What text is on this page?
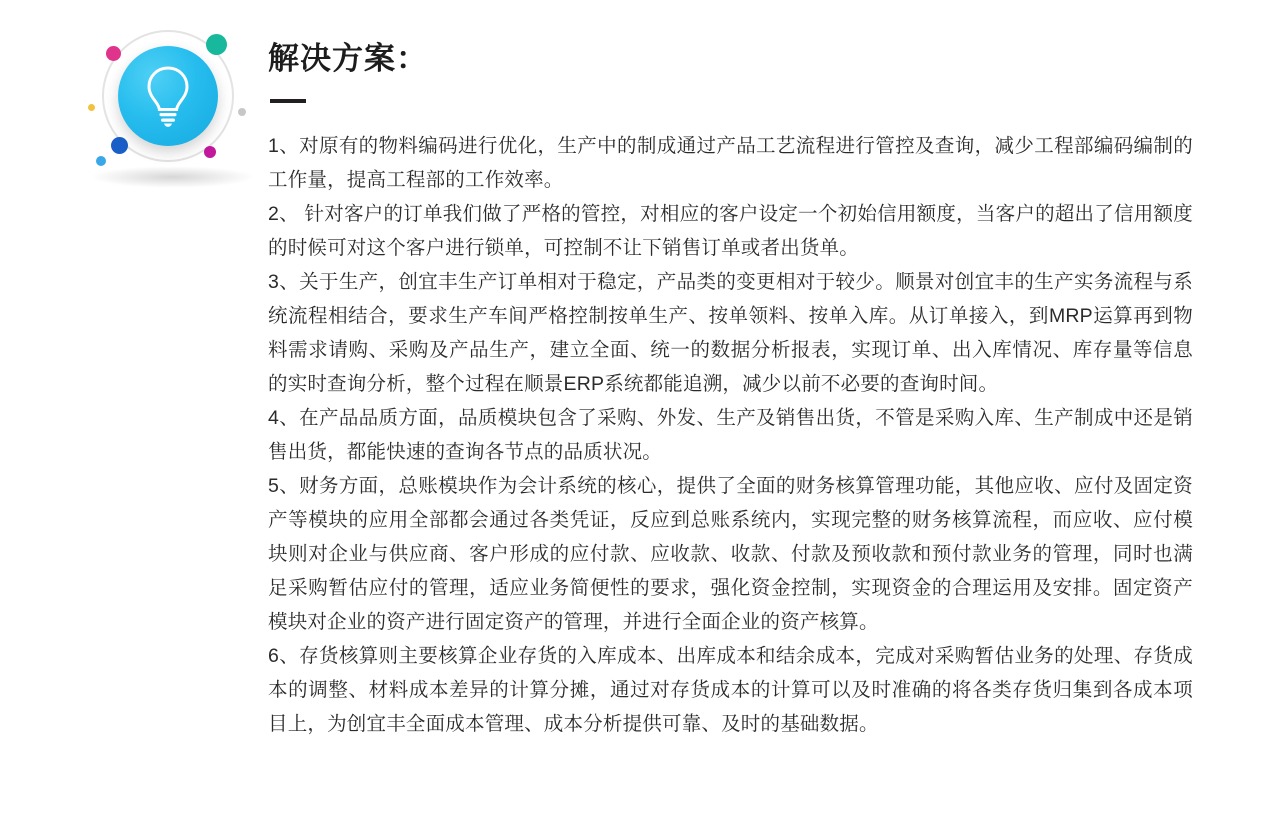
解决方案：

1、对原有的物料编码进行优化，生产中的制成通过产品工艺流程进行管控及查询，减少工程部编码编制的工作量，提高工程部的工作效率。

2、 针对客户的订单我们做了严格的管控，对相应的客户设定一个初始信用额度，当客户的超出了信用额度的时候可对这个客户进行锁单，可控制不让下销售订单或者出货单。

3、关于生产，创宜丰生产订单相对于稳定，产品类的变更相对于较少。顺景对创宜丰的生产实务流程与系统流程相结合，要求生产车间严格控制按单生产、按单领料、按单入库。从订单接入，到MRP运算再到物料需求请购、采购及产品生产，建立全面、统一的数据分析报表，实现订单、出入库情况、库存量等信息的实时查询分析，整个过程在顺景ERP系统都能追溯，减少以前不必要的查询时间。

4、在产品品质方面，品质模块包含了采购、外发、生产及销售出货，不管是采购入库、生产制成中还是销售出货，都能快速的查询各节点的品质状况。

5、财务方面，总账模块作为会计系统的核心，提供了全面的财务核算管理功能，其他应收、应付及固定资产等模块的应用全部都会通过各类凭证，反应到总账系统内，实现完整的财务核算流程，而应收、应付模块则对企业与供应商、客户形成的应付款、应收款、收款、付款及预收款和预付款业务的管理，同时也满足采购暂估应付的管理，适应业务简便性的要求，强化资金控制，实现资金的合理运用及安排。固定资产模块对企业的资产进行固定资产的管理，并进行全面企业的资产核算。

6、存货核算则主要核算企业存货的入库成本、出库成本和结余成本，完成对采购暂估业务的处理、存货成本的调整、材料成本差异的计算分摊，通过对存货成本的计算可以及时准确的将各类存货归集到各成本项目上，为创宜丰全面成本管理、成本分析提供可靠、及时的基础数据。
